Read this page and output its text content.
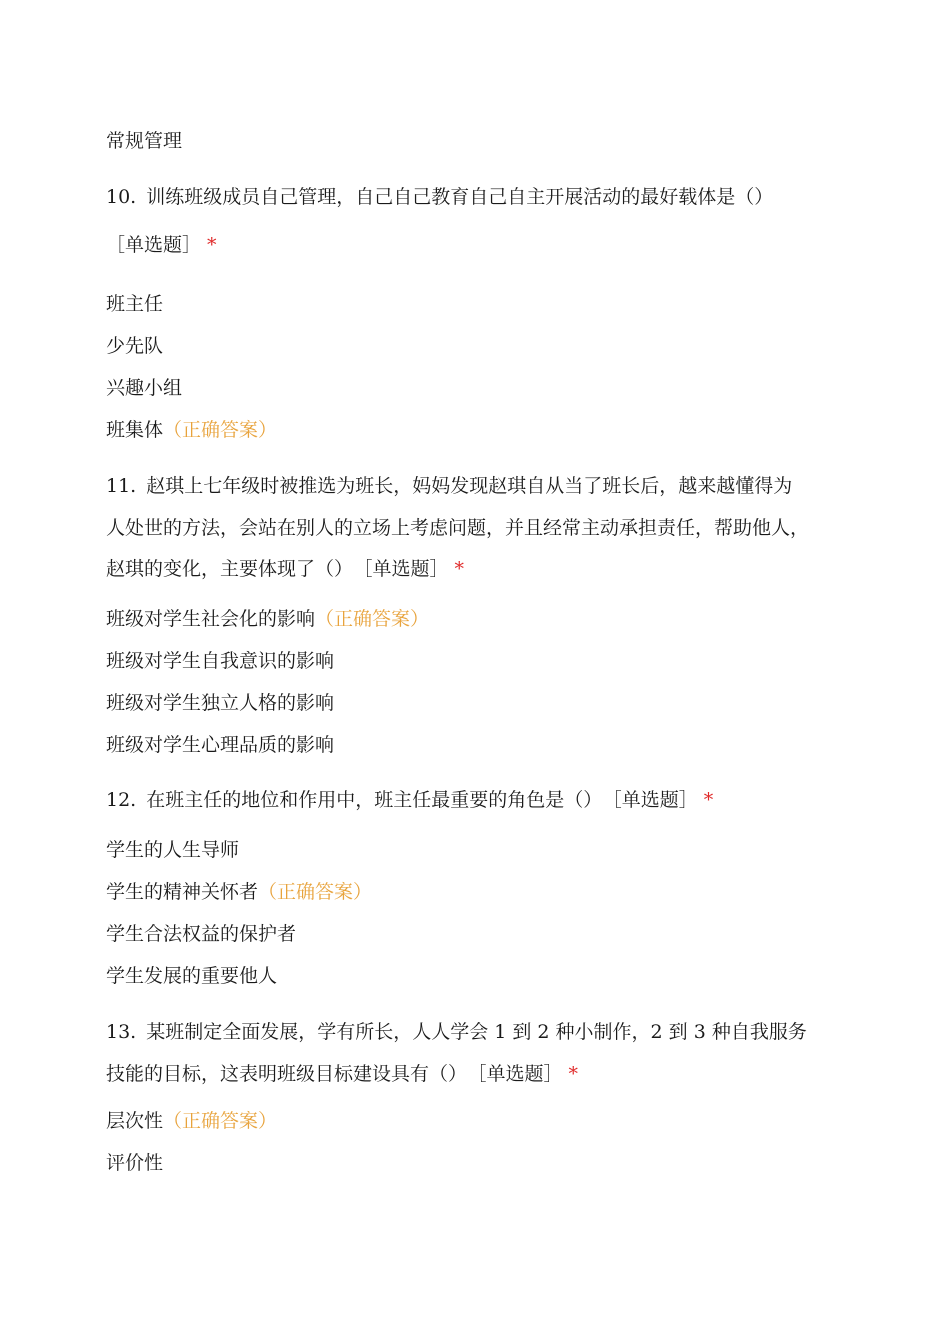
常规管理
10. 训练班级成员自己管理，自己自己教育自己自主开展活动的最好载体是（）
［单选题］ *
班主任
少先队
兴趣小组
班集体（正确答案）
11. 赵琪上七年级时被推选为班长，妈妈发现赵琪自从当了班长后，越来越懂得为
人处世的方法，会站在别人的立场上考虑问题，并且经常主动承担责任，帮助他人，
赵琪的变化，主要体现了（） ［单选题］ *
班级对学生社会化的影响（正确答案）
班级对学生自我意识的影响
班级对学生独立人格的影响
班级对学生心理品质的影响
12. 在班主任的地位和作用中，班主任最重要的角色是（） ［单选题］ *
学生的人生导师
学生的精神关怀者（正确答案）
学生合法权益的保护者
学生发展的重要他人
13. 某班制定全面发展，学有所长，人人学会 1 到 2 种小制作，2 到 3 种自我服务
技能的目标，这表明班级目标建设具有（） ［单选题］ *
层次性（正确答案）
评价性
